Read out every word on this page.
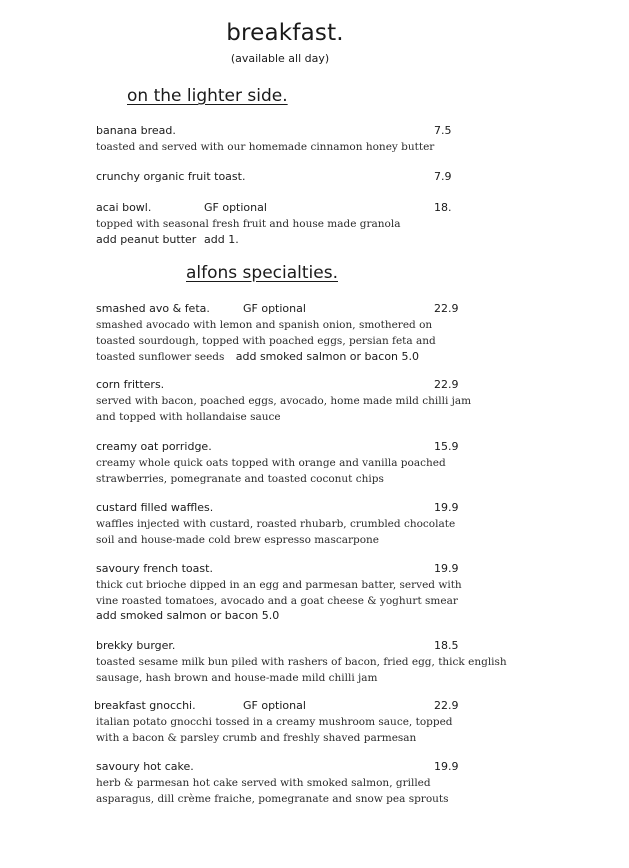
breakfast.
(available all day)
on the lighter side.
banana bread.	7.5
toasted and served with our homemade cinnamon honey butter
crunchy organic fruit toast.	7.9
acai bowl.	GF optional	18.
topped with seasonal fresh fruit and house made granola
add peanut butter add 1.
alfons specialties.
smashed avo & feta.	GF optional	22.9
smashed avocado with lemon and spanish onion, smothered on
toasted sourdough, topped with poached eggs, persian feta and
toasted sunflower seeds add smoked salmon or bacon 5.0
corn fritters.	22.9
served with bacon, poached eggs, avocado, home made mild chilli jam
and topped with hollandaise sauce
creamy oat porridge.	15.9
creamy whole quick oats topped with orange and vanilla poached
strawberries, pomegranate and toasted coconut chips
custard filled waffles.	19.9
waffles injected with custard, roasted rhubarb, crumbled chocolate
soil and house-made cold brew espresso mascarpone
savoury french toast.	19.9
thick cut brioche dipped in an egg and parmesan batter, served with
vine roasted tomatoes, avocado and a goat cheese & yoghurt smear
add smoked salmon or bacon 5.0
brekky burger.	18.5
toasted sesame milk bun piled with rashers of bacon, fried egg, thick english
sausage, hash brown and house-made mild chilli jam
breakfast gnocchi.	GF optional	22.9
italian potato gnocchi tossed in a creamy mushroom sauce, topped
with a bacon & parsley crumb and freshly shaved parmesan
savoury hot cake.	19.9
herb & parmesan hot cake served with smoked salmon, grilled
asparagus, dill crème fraiche, pomegranate and snow pea sprouts
